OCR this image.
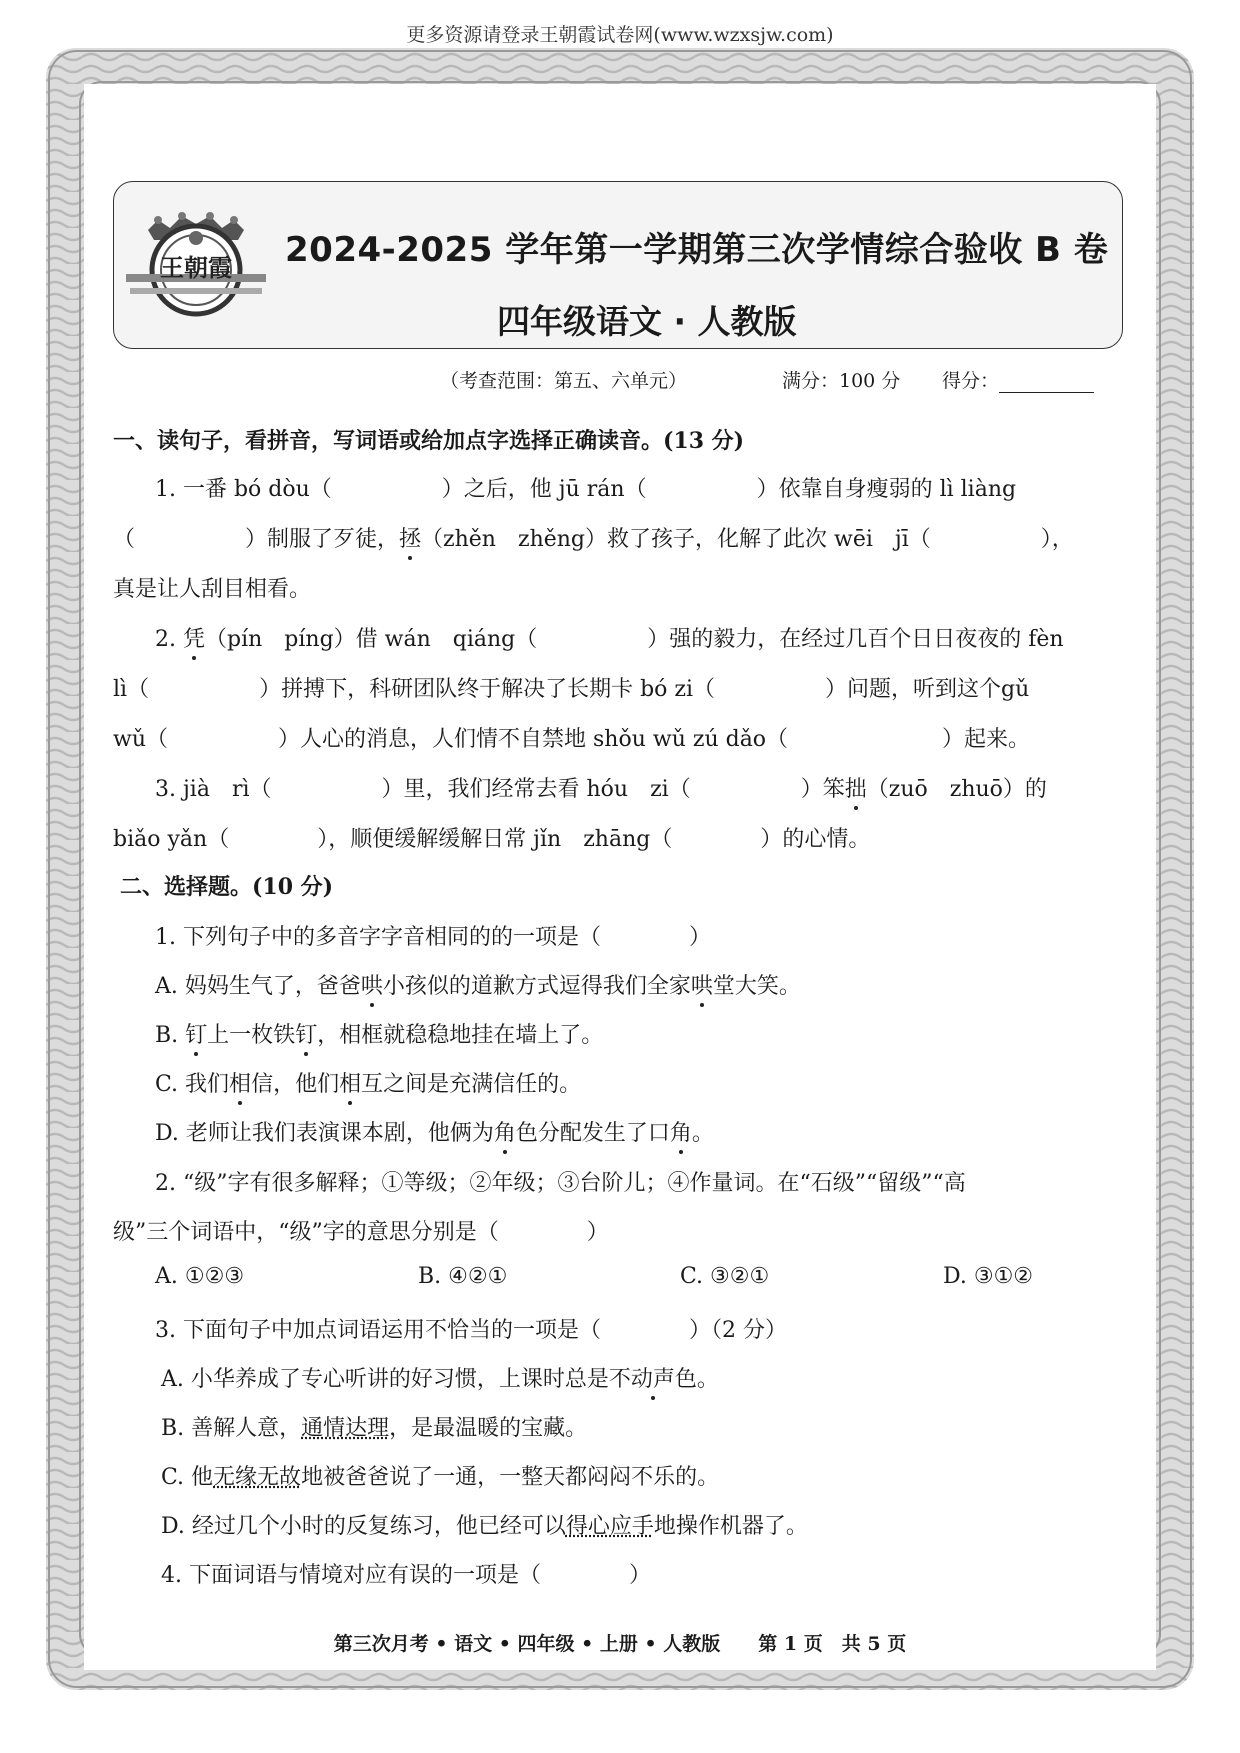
更多资源请登录王朝霞试卷网(www.wzxsjw.com)
王朝霞 2024-2025 学年第一学期第三次学情综合验收 B 卷
四年级语文 · 人教版
（考查范围：第五、六单元）	满分：100 分 得分：
一、读句子，看拼音，写词语或给加点字选择正确读音。(13 分)
1. 一番 bó dòu（　　　　　）之后，他 jū rán（　　　　　）依靠自身瘦弱的 lì liàng
（　　　　　）制服了歹徒，拯（zhěn　zhěng）救了孩子，化解了此次 wēi　jī（　　　　　），
真是让人刮目相看。
2. 凭（pín　píng）借 wán　qiáng（　　　　　）强的毅力，在经过几百个日日夜夜的 fèn
lì（　　　　　）拼搏下，科研团队终于解决了长期卡 bó zi（　　　　　）问题，听到这个gǔ
wǔ（　　　　　）人心的消息，人们情不自禁地 shǒu wǔ zú dǎo（　　　　　　　）起来。
3. jià　rì（　　　　　）里，我们经常去看 hóu　zi（　　　　　）笨拙（zuō　zhuō）的
biǎo yǎn（　　　　），顺便缓解缓解日常 jǐn　zhāng（　　　　）的心情。
二、选择题。(10 分)
1. 下列句子中的多音字字音相同的的一项是（　　　　）
A. 妈妈生气了，爸爸哄小孩似的道歉方式逗得我们全家哄堂大笑。
B. 钉上一枚铁钉，相框就稳稳地挂在墙上了。
C. 我们相信，他们相互之间是充满信任的。
D. 老师让我们表演课本剧，他俩为角色分配发生了口角。
2. “级”字有很多解释；①等级；②年级；③台阶儿；④作量词。在“石级”“留级”“高
级”三个词语中，“级”字的意思分别是（　　　　）
A. ①②③	B. ④②①	C. ③②①	D. ③①②
3. 下面句子中加点词语运用不恰当的一项是（　　　　）（2 分）
A. 小华养成了专心听讲的好习惯，上课时总是不动声色。
B. 善解人意，通情达理，是最温暖的宝藏。
C. 他无缘无故地被爸爸说了一通，一整天都闷闷不乐的。
D. 经过几个小时的反复练习，他已经可以得心应手地操作机器了。
4. 下面词语与情境对应有误的一项是（　　　　）
第三次月考 • 语文 • 四年级 • 上册 • 人教版　　第 1 页　共 5 页
